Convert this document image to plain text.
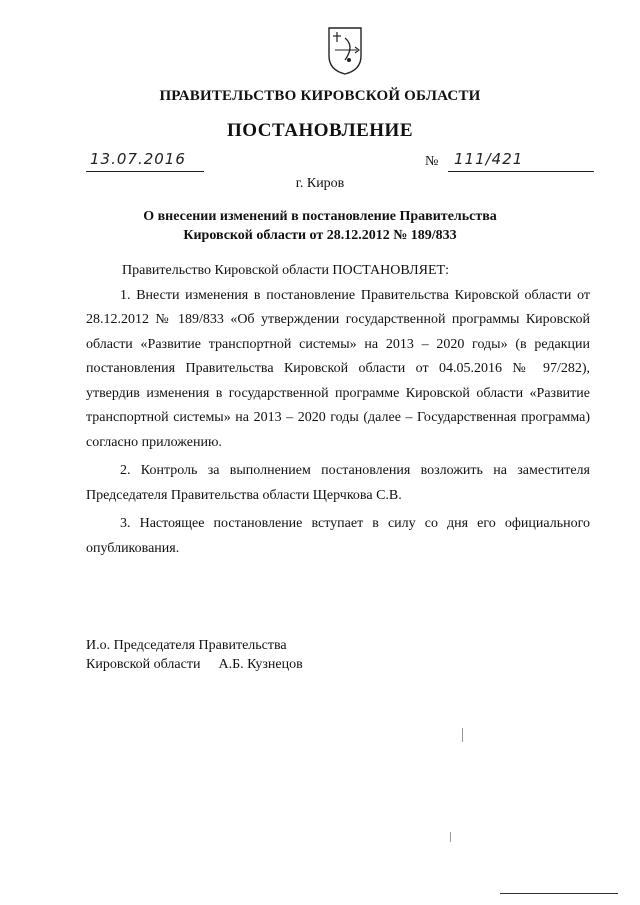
ПРАВИТЕЛЬСТВО КИРОВСКОЙ ОБЛАСТИ
ПОСТАНОВЛЕНИЕ
13.07.2016	№ 111/421
г. Киров
О внесении изменений в постановление Правительства
Кировской области от 28.12.2012 № 189/833

Правительство Кировской области ПОСТАНОВЛЯЕТ:

1. Внести изменения в постановление Правительства Кировской области от 28.12.2012 № 189/833 «Об утверждении государственной программы Кировской области «Развитие транспортной системы» на 2013 – 2020 годы» (в редакции постановления Правительства Кировской области от 04.05.2016 № 97/282), утвердив изменения в государственной программе Кировской области «Развитие транспортной системы» на 2013 – 2020 годы (далее – Государственная программа) согласно приложению.

2. Контроль за выполнением постановления возложить на заместителя Председателя Правительства области Щерчкова С.В.

3. Настоящее постановление вступает в силу со дня его официального опубликования.

И.о. Председателя Правительства
Кировской области А.Б. Кузнецов
